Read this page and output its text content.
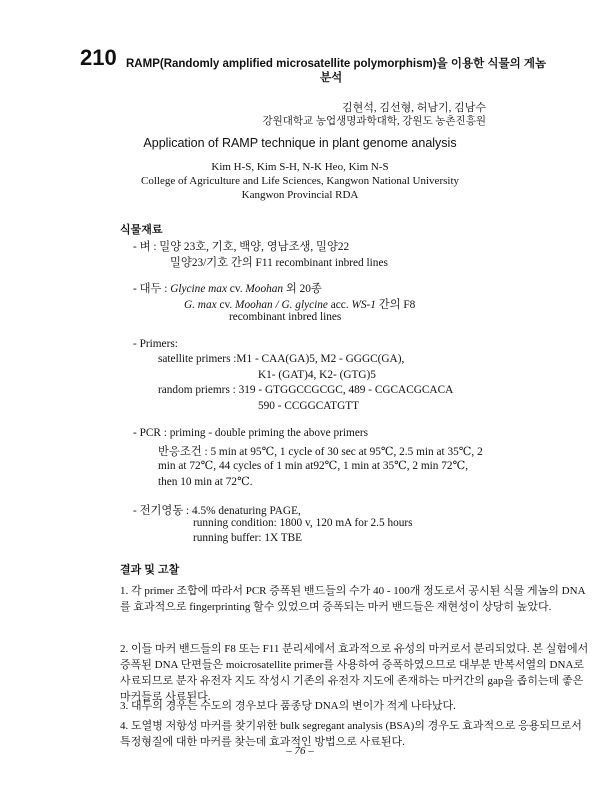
210 RAMP(Randomly amplified microsatellite polymorphism)을 이용한 식물의 게놈
분석
김현석, 김선형, 허남기, 김남수
강원대학교 농업생명과학대학, 강원도 농촌진흥원
Application of RAMP technique in plant genome analysis
Kim H-S, Kim S-H, N-K Heo, Kim N-S
College of Agriculture and Life Sciences, Kangwon National University
Kangwon Provincial RDA
식물재료
- 벼 : 밀양 23호, 기호, 백양, 영남조생, 밀양22
밀양23/기호 간의 F11 recombinant inbred lines
- 대두 : Glycine max cv. Moohan 외 20종
G. max cv. Moohan / G. glycine acc. WS-1 간의 F8
recombinant inbred lines
- Primers:
satellite primers :M1 - CAA(GA)5, M2 - GGGC(GA),
K1- (GAT)4, K2- (GTG)5
random priemrs : 319 - GTGGCCGCGC, 489 - CGCACGCACA
590 - CCGGCATGTT
- PCR : priming - double priming the above primers
반응조건 : 5 min at 95℃, 1 cycle of 30 sec at 95℃, 2.5 min at 35℃, 2
min at 72℃, 44 cycles of 1 min at92℃, 1 min at 35℃, 2 min 72℃,
then 10 min at 72℃.
- 전기영동 : 4.5% denaturing PAGE,
running condition: 1800 v, 120 mA for 2.5 hours
running buffer: 1X TBE
결과 및 고찰
1. 각 primer 조합에 따라서 PCR 증폭된 밴드들의 수가 40 - 100개 정도로서 공시된 식물 게놈의 DNA를 효과적으로 fingerprinting 할수 있었으며 증폭되는 마커 밴드들은 재현성이 상당히 높았다.
2. 이들 마커 밴드들의 F8 또는 F11 분리세에서 효과적으로 유성의 마커로서 분리되었다. 본 실험에서 증폭된 DNA 단편들은 moicrosatellite primer를 사용하여 증폭하였으므로 대부분 반복서열의 DNA로 사료되므로 분자 유전자 지도 작성시 기존의 유전자 지도에 존재하는 마커간의 gap을 좁히는데 좋은 마커들로 사료된다.
3. 대두의 경우는 수도의 경우보다 품종당 DNA의 변이가 적게 나타났다.
4. 도열병 저항성 마커를 찾기위한 bulk segregant analysis (BSA)의 경우도 효과적으로 응용되므로서 특정형질에 대한 마커를 찾는데 효과적인 방법으로 사료된다.
– 76 –
